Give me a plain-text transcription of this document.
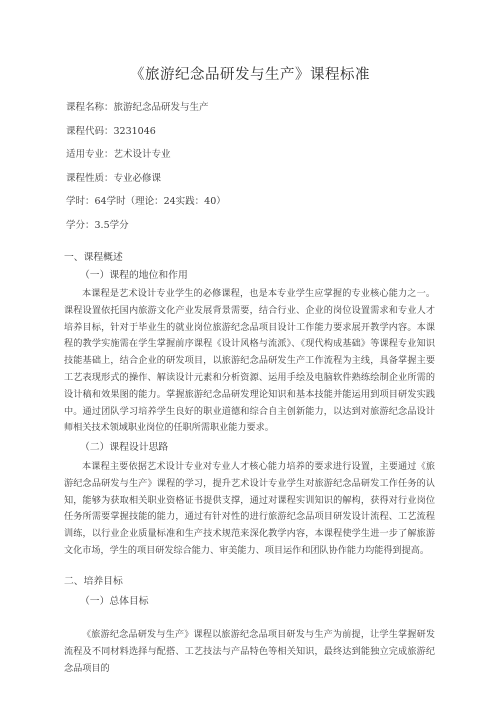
《旅游纪念品研发与生产》课程标准
课程名称：旅游纪念品研发与生产
课程代码：3231046
适用专业：艺术设计专业
课程性质：专业必修课
学时：64学时（理论：24实践：40）
学分：3.5学分
一、课程概述
（一）课程的地位和作用

本课程是艺术设计专业学生的必修课程，也是本专业学生应掌握的专业核心能力之一。课程设置依托国内旅游文化产业发展背景需要，结合行业、企业的岗位设置需求和专业人才培养目标，针对于毕业生的就业岗位旅游纪念品项目设计工作能力要求展开教学内容。本课程的教学实施需在学生掌握前序课程《设计风格与流派》、《现代构成基础》等课程专业知识技能基础上，结合企业的研发项目，以旅游纪念品研发生产工作流程为主线，具备掌握主要工艺表现形式的操作、解读设计元素和分析资源、运用手绘及电脑软件熟练绘制企业所需的设计稿和效果图的能力。掌握旅游纪念品研发理论知识和基本技能并能运用到项目研发实践中。通过团队学习培养学生良好的职业道德和综合自主创新能力，以达到对旅游纪念品设计师相关技术领域职业岗位的任职所需职业能力要求。

（二）课程设计思路

本课程主要依据艺术设计专业对专业人才核心能力培养的要求进行设置，主要通过《旅游纪念品研发与生产》课程的学习，提升艺术设计专业学生对旅游纪念品研发工作任务的认知，能够为获取相关职业资格证书提供支撑，通过对课程实训知识的解构，获得对行业岗位任务所需要掌握技能的能力，通过有针对性的进行旅游纪念品项目研发设计流程、工艺流程训练，以行业企业质量标准和生产技术规范来深化教学内容，本课程使学生进一步了解旅游文化市场，学生的项目研发综合能力、审美能力、项目运作和团队协作能力均能得到提高。

二、培养目标
（一）总体目标

《旅游纪念品研发与生产》课程以旅游纪念品项目研发与生产为前提，让学生掌握研发流程及不同材料选择与配搭、工艺技法与产品特色等相关知识，最终达到能独立完成旅游纪念品项目的
